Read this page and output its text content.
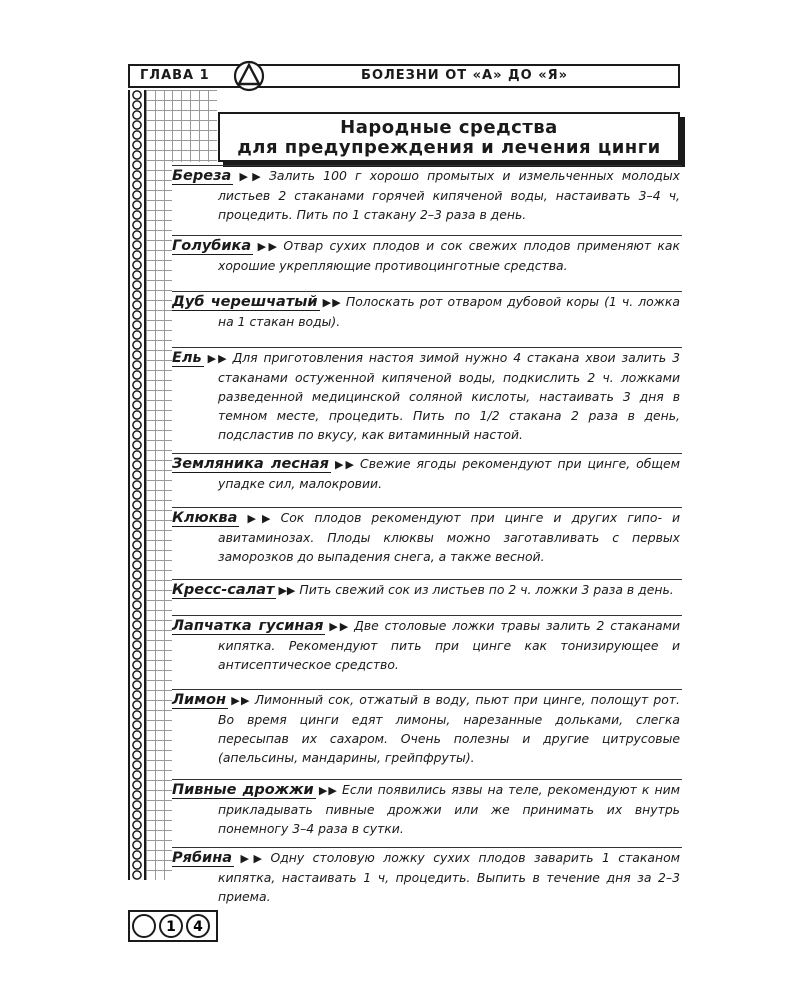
ГЛАВА 1	БОЛЕЗНИ ОТ «А» ДО «Я»
Народные средства
для предупреждения и лечения цинги
Береза ▶▶ Залить 100 г хорошо промытых и измельченных молодых листьев 2 стаканами горячей кипяченой воды, настаивать 3–4 ч, процедить. Пить по 1 стакану 2–3 раза в день.
Голубика ▶▶ Отвар сухих плодов и сок свежих плодов применяют как хорошие укрепляющие противоцинготные средства.
Дуб черешчатый ▶▶ Полоскать рот отваром дубовой коры (1 ч. ложка на 1 стакан воды).
Ель ▶▶ Для приготовления настоя зимой нужно 4 стакана хвои залить 3 стаканами остуженной кипяченой воды, подкислить 2 ч. ложками разведенной медицинской соляной кислоты, настаивать 3 дня в темном месте, процедить. Пить по 1/2 стакана 2 раза в день, подсластив по вкусу, как витаминный настой.
Земляника лесная ▶▶ Свежие ягоды рекомендуют при цинге, общем упадке сил, малокровии.
Клюква ▶▶ Сок плодов рекомендуют при цинге и других гипо- и авитаминозах. Плоды клюквы можно заготавливать с первых заморозков до выпадения снега, а также весной.
Кресс-салат ▶▶ Пить свежий сок из листьев по 2 ч. ложки 3 раза в день.
Лапчатка гусиная ▶▶ Две столовые ложки травы залить 2 стаканами кипятка. Рекомендуют пить при цинге как тонизирующее и антисептическое средство.
Лимон ▶▶ Лимонный сок, отжатый в воду, пьют при цинге, полощут рот. Во время цинги едят лимоны, нарезанные дольками, слегка пересыпав их сахаром. Очень полезны и другие цитрусовые (апельсины, мандарины, грейпфруты).
Пивные дрожжи ▶▶ Если появились язвы на теле, рекомендуют к ним прикладывать пивные дрожжи или же принимать их внутрь понемногу 3–4 раза в сутки.
Рябина ▶▶ Одну столовую ложку сухих плодов заварить 1 стаканом кипятка, настаивать 1 ч, процедить. Выпить в течение дня за 2–3 приема.
1 4
